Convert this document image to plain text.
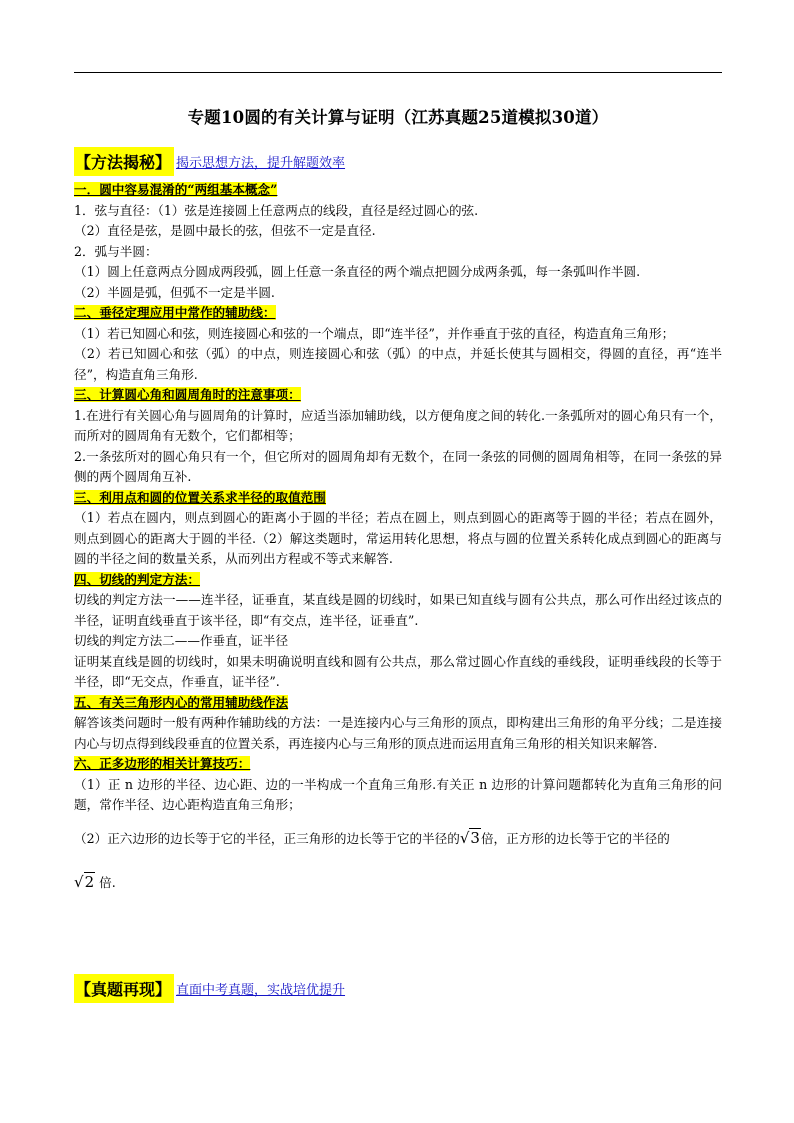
专题10圆的有关计算与证明（江苏真题25道模拟30道）
【方法揭秘】 揭示思想方法，提升解题效率
一．圆中容易混淆的“两组基本概念”
1．弦与直径：（1）弦是连接圆上任意两点的线段，直径是经过圆心的弦.
（2）直径是弦，是圆中最长的弦，但弦不一定是直径.
2．弧与半圆：
（1）圆上任意两点分圆成两段弧，圆上任意一条直径的两个端点把圆分成两条弧，每一条弧叫作半圆.
（2）半圆是弧，但弧不一定是半圆.
二、垂径定理应用中常作的辅助线：
（1）若已知圆心和弦，则连接圆心和弦的一个端点，即“连半径”，并作垂直于弦的直径，构造直角三角形；
（2）若已知圆心和弦（弧）的中点，则连接圆心和弦（弧）的中点，并延长使其与圆相交，得圆的直径，再“连半径”，构造直角三角形.
三、计算圆心角和圆周角时的注意事项：
1.在进行有关圆心角与圆周角的计算时，应适当添加辅助线，以方便角度之间的转化.一条弧所对的圆心角只有一个，而所对的圆周角有无数个，它们都相等；
2.一条弦所对的圆心角只有一个，但它所对的圆周角却有无数个，在同一条弦的同侧的圆周角相等，在同一条弦的异侧的两个圆周角互补.
三、利用点和圆的位置关系求半径的取值范围
（1）若点在圆内，则点到圆心的距离小于圆的半径；若点在圆上，则点到圆心的距离等于圆的半径；若点在圆外，则点到圆心的距离大于圆的半径.（2）解这类题时，常运用转化思想，将点与圆的位置关系转化成点到圆心的距离与圆的半径之间的数量关系，从而列出方程或不等式来解答.
四、切线的判定方法：
切线的判定方法一——连半径，证垂直，某直线是圆的切线时，如果已知直线与圆有公共点，那么可作出经过该点的半径，证明直线垂直于该半径，即“有交点，连半径，证垂直”.
切线的判定方法二——作垂直，证半径
证明某直线是圆的切线时，如果未明确说明直线和圆有公共点，那么常过圆心作直线的垂线段，证明垂线段的长等于半径，即“无交点，作垂直，证半径”.
五、有关三角形内心的常用辅助线作法
解答该类问题时一般有两种作辅助线的方法：一是连接内心与三角形的顶点，即构建出三角形的角平分线；二是连接内心与切点得到线段垂直的位置关系，再连接内心与三角形的顶点进而运用直角三角形的相关知识来解答.
六、正多边形的相关计算技巧：
（1）正 n 边形的半径、边心距、边的一半构成一个直角三角形.有关正 n 边形的计算问题都转化为直角三角形的问题，常作半径、边心距构造直角三角形；
（2）正六边形的边长等于它的半径，正三角形的边长等于它的半径的√3倍，正方形的边长等于它的半径的
√2 倍.
【真题再现】 直面中考真题，实战培优提升
